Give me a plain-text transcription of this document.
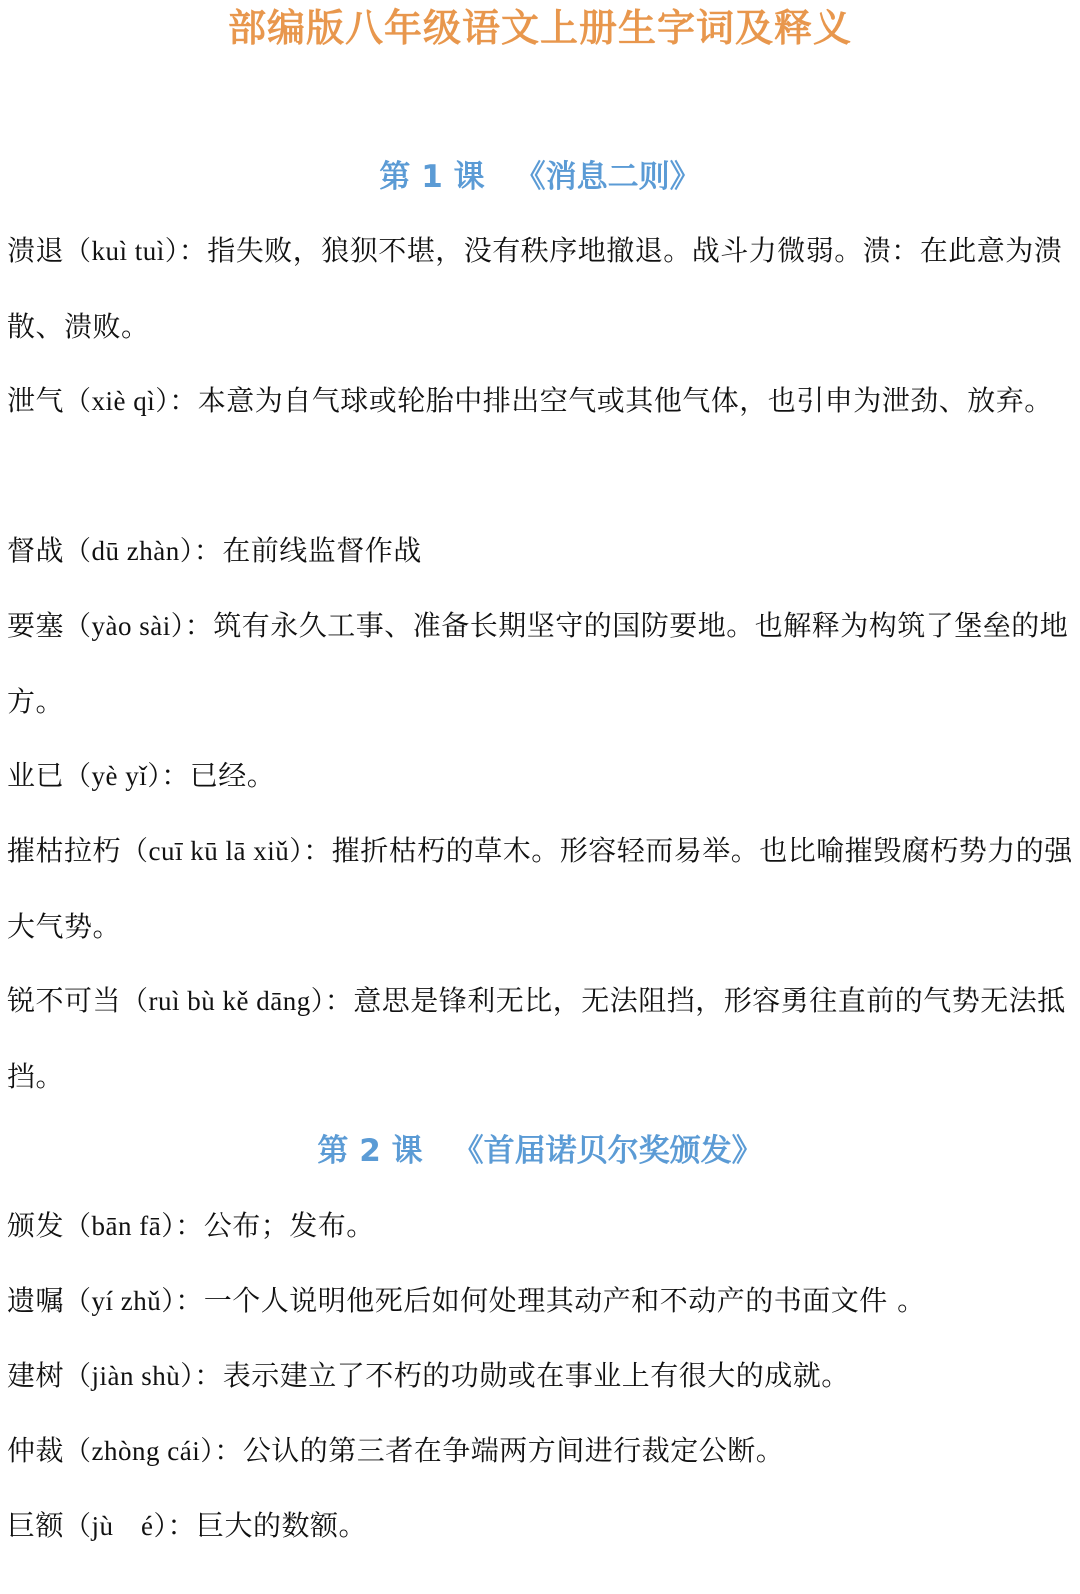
部编版八年级语文上册生字词及释义
第 1 课 《消息二则》
溃退（kuì tuì）：指失败，狼狈不堪，没有秩序地撤退。战斗力微弱。溃：在此意为溃散、溃败。
泄气（xiè qì）：本意为自气球或轮胎中排出空气或其他气体，也引申为泄劲、放弃。
督战（dū zhàn）：在前线监督作战
要塞（yào sài）：筑有永久工事、准备长期坚守的国防要地。也解释为构筑了堡垒的地方。
业已（yè yǐ）：已经。
摧枯拉朽（cuī kū lā xiǔ）：摧折枯朽的草木。形容轻而易举。也比喻摧毁腐朽势力的强大气势。
锐不可当（ruì bù kě dāng）：意思是锋利无比，无法阻挡，形容勇往直前的气势无法抵挡。
第 2 课 《首届诺贝尔奖颁发》
颁发（bān fā）：公布；发布。
遗嘱（yí zhǔ）：一个人说明他死后如何处理其动产和不动产的书面文件 。
建树（jiàn shù）：表示建立了不朽的功勋或在事业上有很大的成就。
仲裁（zhòng cái）：公认的第三者在争端两方间进行裁定公断。
巨额（jù　é）：巨大的数额。
